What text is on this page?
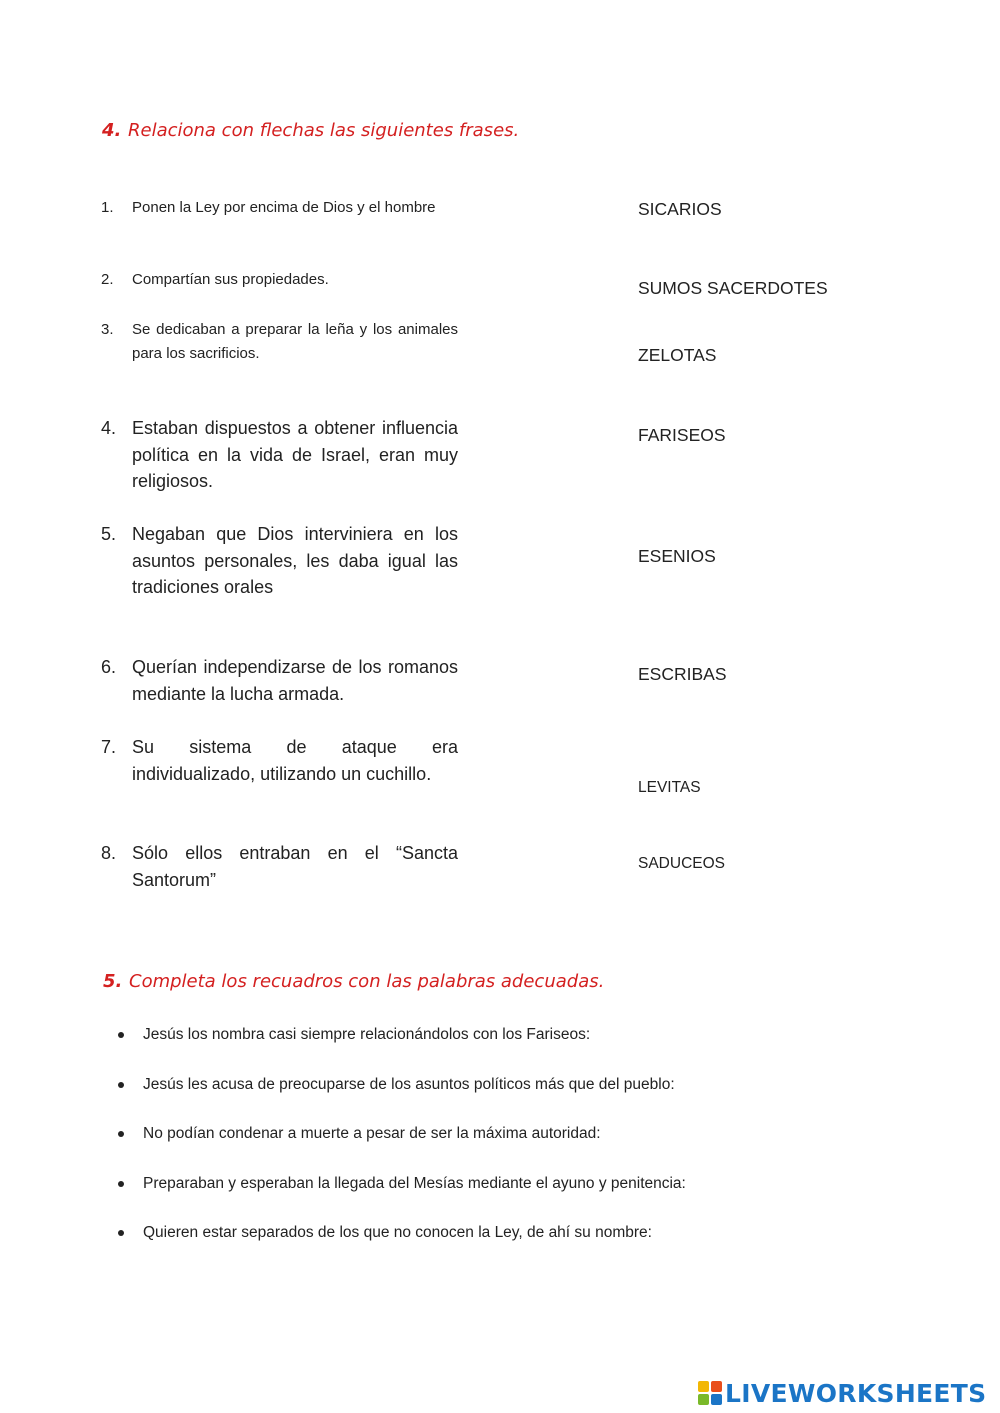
4. Relaciona con flechas las siguientes frases.
1. Ponen la Ley por encima de Dios y el hombre
2. Compartían sus propiedades.
3. Se dedicaban a preparar la leña y los animales para los sacrificios.
4. Estaban dispuestos a obtener influencia política en la vida de Israel, eran muy religiosos.
5. Negaban que Dios interviniera en los asuntos personales, les daba igual las tradiciones orales
6. Querían independizarse de los romanos mediante la lucha armada.
7. Su sistema de ataque era individualizado, utilizando un cuchillo.
8. Sólo ellos entraban en el “Sancta Santorum”
SICARIOS
SUMOS SACERDOTES
ZELOTAS
FARISEOS
ESENIOS
ESCRIBAS
LEVITAS
SADUCEOS
5. Completa los recuadros con las palabras adecuadas.
Jesús los nombra casi siempre relacionándolos con los Fariseos:
Jesús les acusa de preocuparse de los asuntos políticos más que del pueblo:
No podían condenar a muerte a pesar de ser la máxima autoridad:
Preparaban y esperaban la llegada del Mesías mediante el ayuno y penitencia:
Quieren estar separados de los que no conocen la Ley, de ahí su nombre:
LIVEWORKSHEETS
